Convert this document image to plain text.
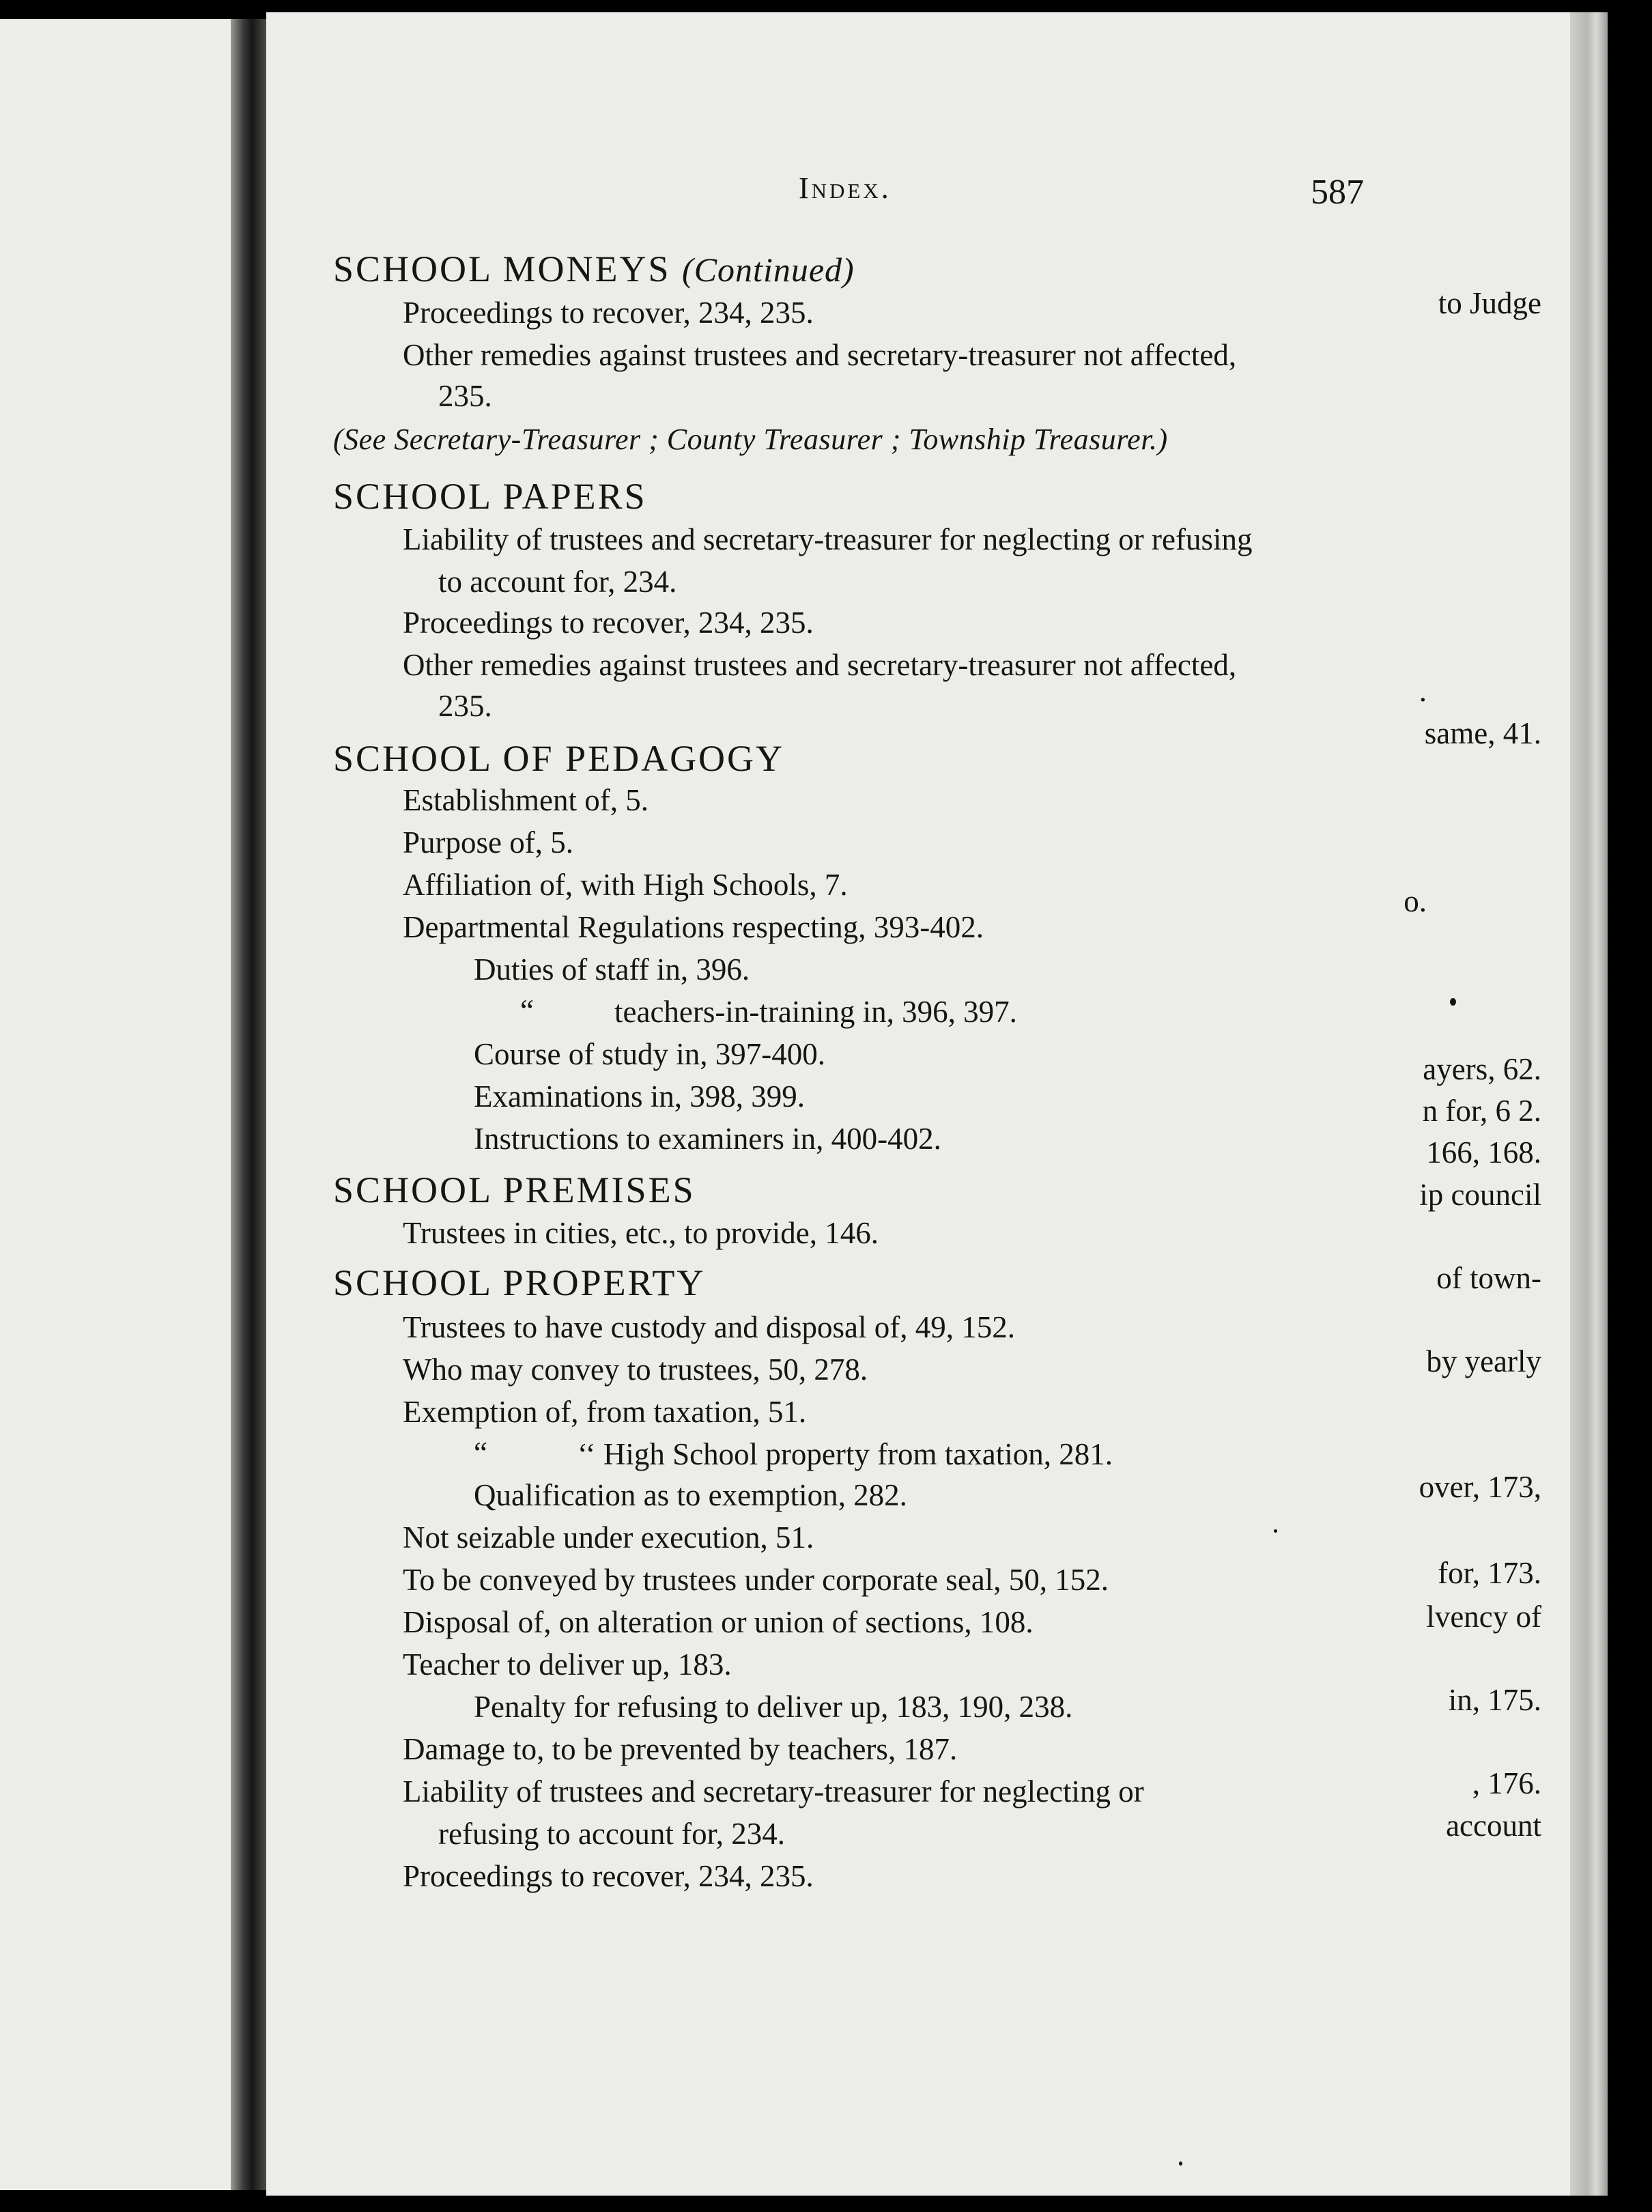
to Judge
.
same, 41.
o.
ayers, 62.
n for, 6 2.
166, 168.
ip council
of town-
by yearly
over, 173,
for, 173.
lvency of
in, 175.
, 176.
account
Index.	587
SCHOOL MONEYS (Continued)
Proceedings to recover, 234, 235.
Other remedies against trustees and secretary-treasurer not affected,
235.
(See Secretary-Treasurer ; County Treasurer ; Township Treasurer.)
SCHOOL PAPERS
Liability of trustees and secretary-treasurer for neglecting or refusing
to account for, 234.
Proceedings to recover, 234, 235.
Other remedies against trustees and secretary-treasurer not affected,
235.
SCHOOL OF PEDAGOGY
Establishment of, 5.
Purpose of, 5.
Affiliation of, with High Schools, 7.
Departmental Regulations respecting, 393-402.
Duties of staff in, 396.
“	teachers-in-training in, 396, 397.
Course of study in, 397-400.
Examinations in, 398, 399.
Instructions to examiners in, 400-402.
SCHOOL PREMISES
Trustees in cities, etc., to provide, 146.
SCHOOL PROPERTY
Trustees to have custody and disposal of, 49, 152.
Who may convey to trustees, 50, 278.
Exemption of, from taxation, 51.
“	‘‘ High School property from taxation, 281.
Qualification as to exemption, 282.
Not seizable under execution, 51.
To be conveyed by trustees under corporate seal, 50, 152.
Disposal of, on alteration or union of sections, 108.
Teacher to deliver up, 183.
Penalty for refusing to deliver up, 183, 190, 238.
Damage to, to be prevented by teachers, 187.
Liability of trustees and secretary-treasurer for neglecting or
refusing to account for, 234.
Proceedings to recover, 234, 235.
